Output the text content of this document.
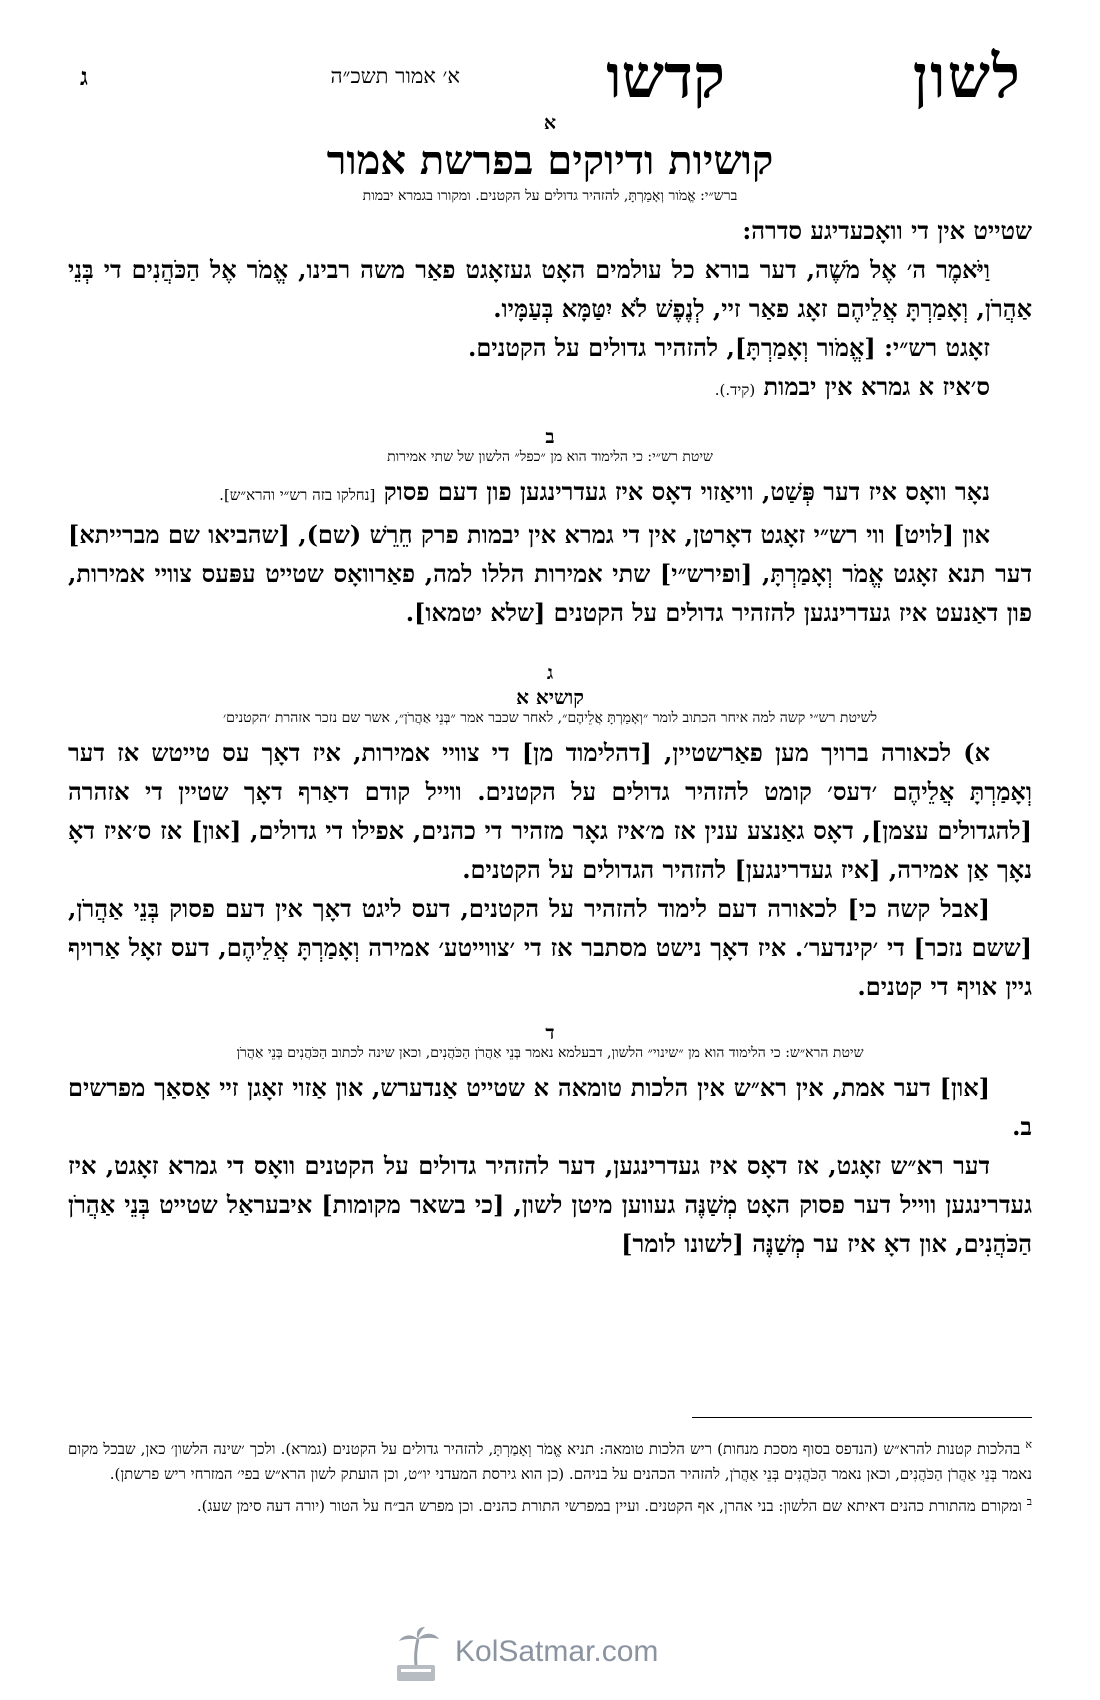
לשון
קדשו
א׳ אמור תשכ״ה
ג

א

קושיות ודיוקים בפרשת אמור

ברש״י: אֱמֹור וְאָמַרְתָּ, להזהיר גדולים על הקטנים. ומקורו בגמרא יבמות

שטייט אין די וואָכעדיגע סדרה:

וַיֹּאמֶר ה׳ אֶל מֹשֶׁה, דער בורא כל עולמים האָט געזאָגט פאַר משה רבינו, אֱמֹר אֶל הַכֹּהֲנִים די בְּנֵי אַהֲרֹן, וְאָמַרְתָּ אֲלֵיהֶם זאָג פאַר זיי, לְנֶפֶשׁ לֹא יִטַּמָּא בְּעַמָּיו.

זאָגט רש״י: [אֱמֹור וְאָמַרְתָּ], להזהיר גדולים על הקטנים.

ס׳איז א גמרא אין יבמות (קיד.).

ב

שיטת רש״י: כי הלימוד הוא מן ״כפל״ הלשון של שתי אמירות

נאָר וואָס איז דער פְּשַׁט, וויאַזוי דאָס איז געדרינגען פון דעם פסוק [נחלקו בזה רש״י והרא״ש].

און [לויט] ווי רש״י זאָגט דאָרטן, אין די גמרא אין יבמות פרק חֵרֵשׁ (שם), [שהביאו שם מברייתא] דער תנא זאָגט אֱמֹר וְאָמַרְתָּ, [ופירש״י] שתי אמירות הללו למה, פאַרוואָס שטייט עפּעס צוויי אמירות, פון דאַנעט איז געדרינגען להזהיר גדולים על הקטנים [שלא יטמאו].

ג

קושיא א

לשיטת רש״י קשה למה איחר הכתוב לומר ״וְאָמַרְתָּ אֲלֵיהֶם״, לאחר שכבר אמר ״בְּנֵי אַהֲרֹן״, אשר שם נזכר אזהרת ׳הקטנים׳

א) לכאורה ברויך מען פאַרשטיין, [דהלימוד מן] די צוויי אמירות, איז דאָך עס טייטש אז דער וְאָמַרְתָּ אֲלֵיהֶם ׳דעס׳ קומט להזהיר גדולים על הקטנים. ווייל קודם דאַרף דאָך שטיין די אזהרה [להגדולים עצמן], דאָס גאַנצע ענין אז מ׳איז גאָר מזהיר די כהנים, אפילו די גדולים, [און] אז ס׳איז דאָ נאָך אַן אמירה, [איז געדרינגען] להזהיר הגדולים על הקטנים.

[אבל קשה כי] לכאורה דעם לימוד להזהיר על הקטנים, דעס ליגט דאָך אין דעם פסוק בְּנֵי אַהֲרֹן, [ששם נזכר] די ׳קינדער׳. איז דאָך נישט מסתבר אז די ׳צווייטע׳ אמירה וְאָמַרְתָּ אֲלֵיהֶם, דעס זאָל אַרויף גיין אויף די קטנים.

ד

שיטת הרא״ש: כי הלימוד הוא מן ״שינוי״ הלשון, דבעלמא נאמר בְּנֵי אַהֲרֹן הַכֹּהֲנִים, וכאן שינה לכתוב הַכֹּהֲנִים בְּנֵי אַהֲרֹן

[און] דער אמת, אין רא״ש אין הלכות טומאה א שטייט אַנדערש, און אַזוי זאָגן זיי אַסאַך מפרשים ב.

דער רא״ש זאָגט, אז דאָס איז געדרינגען, דער להזהיר גדולים על הקטנים וואָס די גמרא זאָגט, איז געדרינגען ווייל דער פסוק האָט מְשַׁנֶּה געווען מיטן לשון, [כי בשאר מקומות] איבעראַל שטייט בְּנֵי אַהֲרֹן הַכֹּהֲנִים, און דאָ איז ער מְשַׁנֶּה [לשונו לומר]

$^א$ בהלכות קטנות להרא״ש (הנדפס בסוף מסכת מנחות) ריש הלכות טומאה: תניא אֱמֹר וְאָמַרְתָּ, להזהיר גדולים על הקטנים (גמרא). ולכך ׳שינה הלשון׳ כאן, שבכל מקום נאמר בְּנֵי אַהֲרֹן הַכֹּהֲנִים, וכאן נאמר הַכֹּהֲנִים בְּנֵי אַהֲרֹן, להזהיר הכהנים על בניהם. (כן הוא גירסת המעדני יו״ט, וכן הועתק לשון הרא״ש בפי׳ המזרחי ריש פרשתן).

$^ב$ ומקורם מהתורת כהנים דאיתא שם הלשון: בני אהרן, אף הקטנים. ועיין במפרשי התורת כהנים. וכן מפרש הב״ח על הטור (יורה דעה סימן שעג).

KolSatmar.com
